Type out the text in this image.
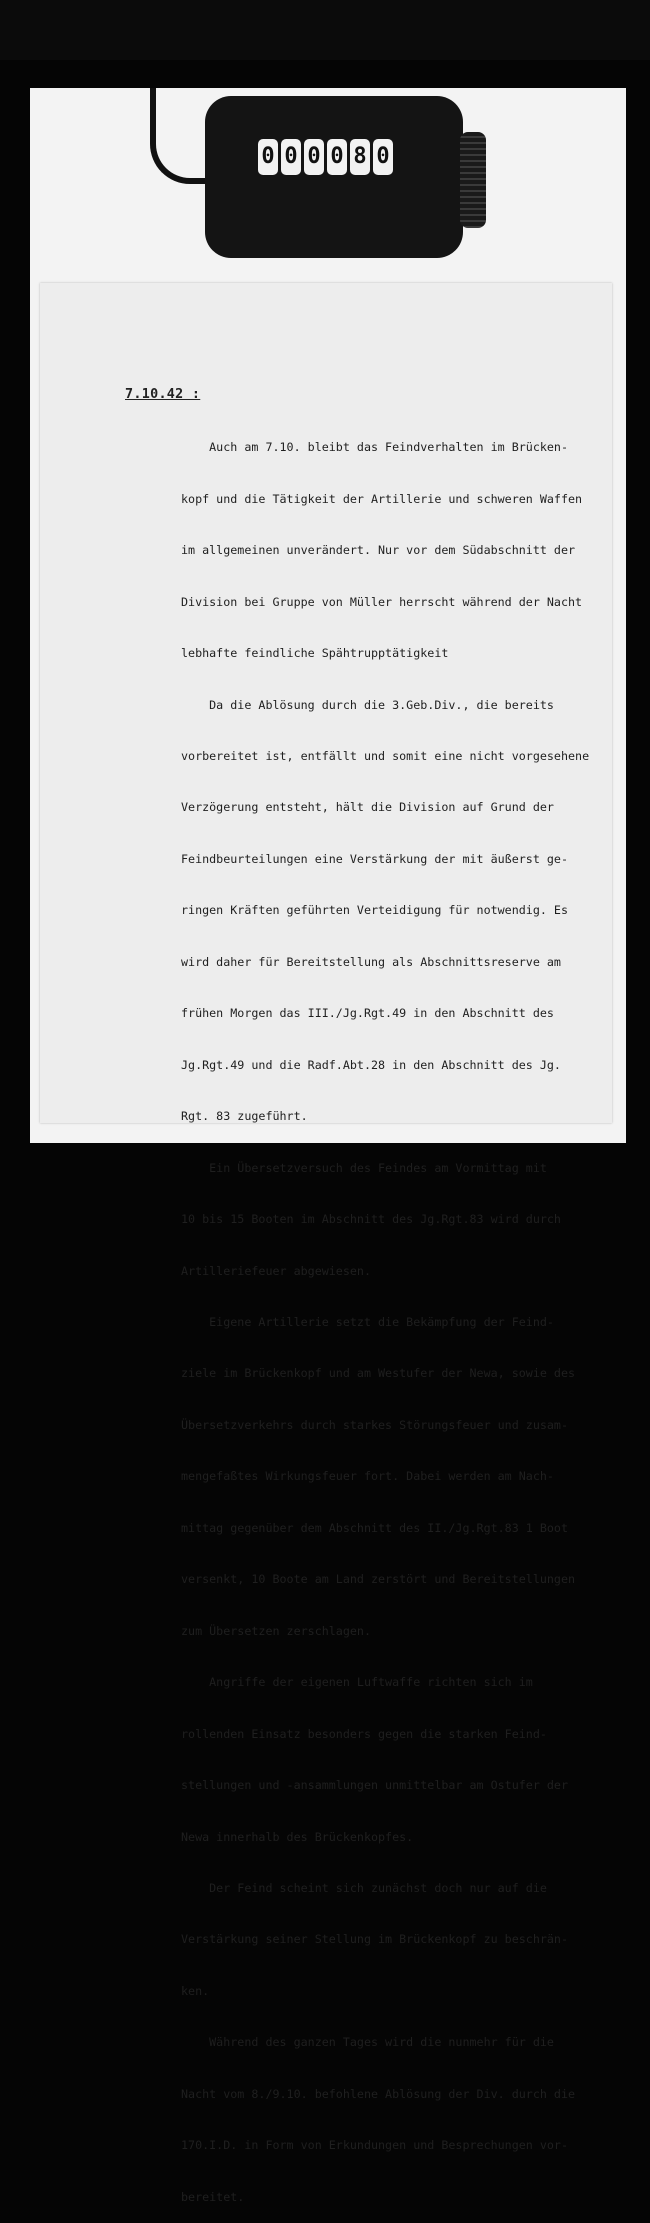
0 0 0 0 8 0
7.10.42 :

Auch am 7.10. bleibt das Feindverhalten im Brücken-

kopf und die Tätigkeit der Artillerie und schweren Waffen

im allgemeinen unverändert. Nur vor dem Südabschnitt der

Division bei Gruppe von Müller herrscht während der Nacht

lebhafte feindliche Spähtrupptätigkeit

Da die Ablösung durch die 3.Geb.Div., die bereits

vorbereitet ist, entfällt und somit eine nicht vorgesehene

Verzögerung entsteht, hält die Division auf Grund der

Feindbeurteilungen eine Verstärkung der mit äußerst ge-

ringen Kräften geführten Verteidigung für notwendig. Es

wird daher für Bereitstellung als Abschnittsreserve am

frühen Morgen das III./Jg.Rgt.49 in den Abschnitt des

Jg.Rgt.49 und die Radf.Abt.28 in den Abschnitt des Jg.

Rgt. 83 zugeführt.

Ein Übersetzversuch des Feindes am Vormittag mit

10 bis 15 Booten im Abschnitt des Jg.Rgt.83 wird durch

Artilleriefeuer abgewiesen.

Eigene Artillerie setzt die Bekämpfung der Feind-

ziele im Brückenkopf und am Westufer der Newa, sowie des

Übersetzverkehrs durch starkes Störungsfeuer und zusam-

mengefaßtes Wirkungsfeuer fort. Dabei werden am Nach-

mittag gegenüber dem Abschnitt des II./Jg.Rgt.83 1 Boot

versenkt, 10 Boote am Land zerstört und Bereitstellungen

zum Übersetzen zerschlagen.

Angriffe der eigenen Luftwaffe richten sich im

rollenden Einsatz besonders gegen die starken Feind-

stellungen und -ansammlungen unmittelbar am Ostufer der

Newa innerhalb des Brückenkopfes.

Der Feind scheint sich zunächst doch nur auf die

Verstärkung seiner Stellung im Brückenkopf zu beschrän-

ken.

Während des ganzen Tages wird die nunmehr für die

Nacht vom 8./9.10. befohlene Ablösung der Div. durch die

170.I.D. in Form von Erkundungen und Besprechungen vor-

bereitet.
